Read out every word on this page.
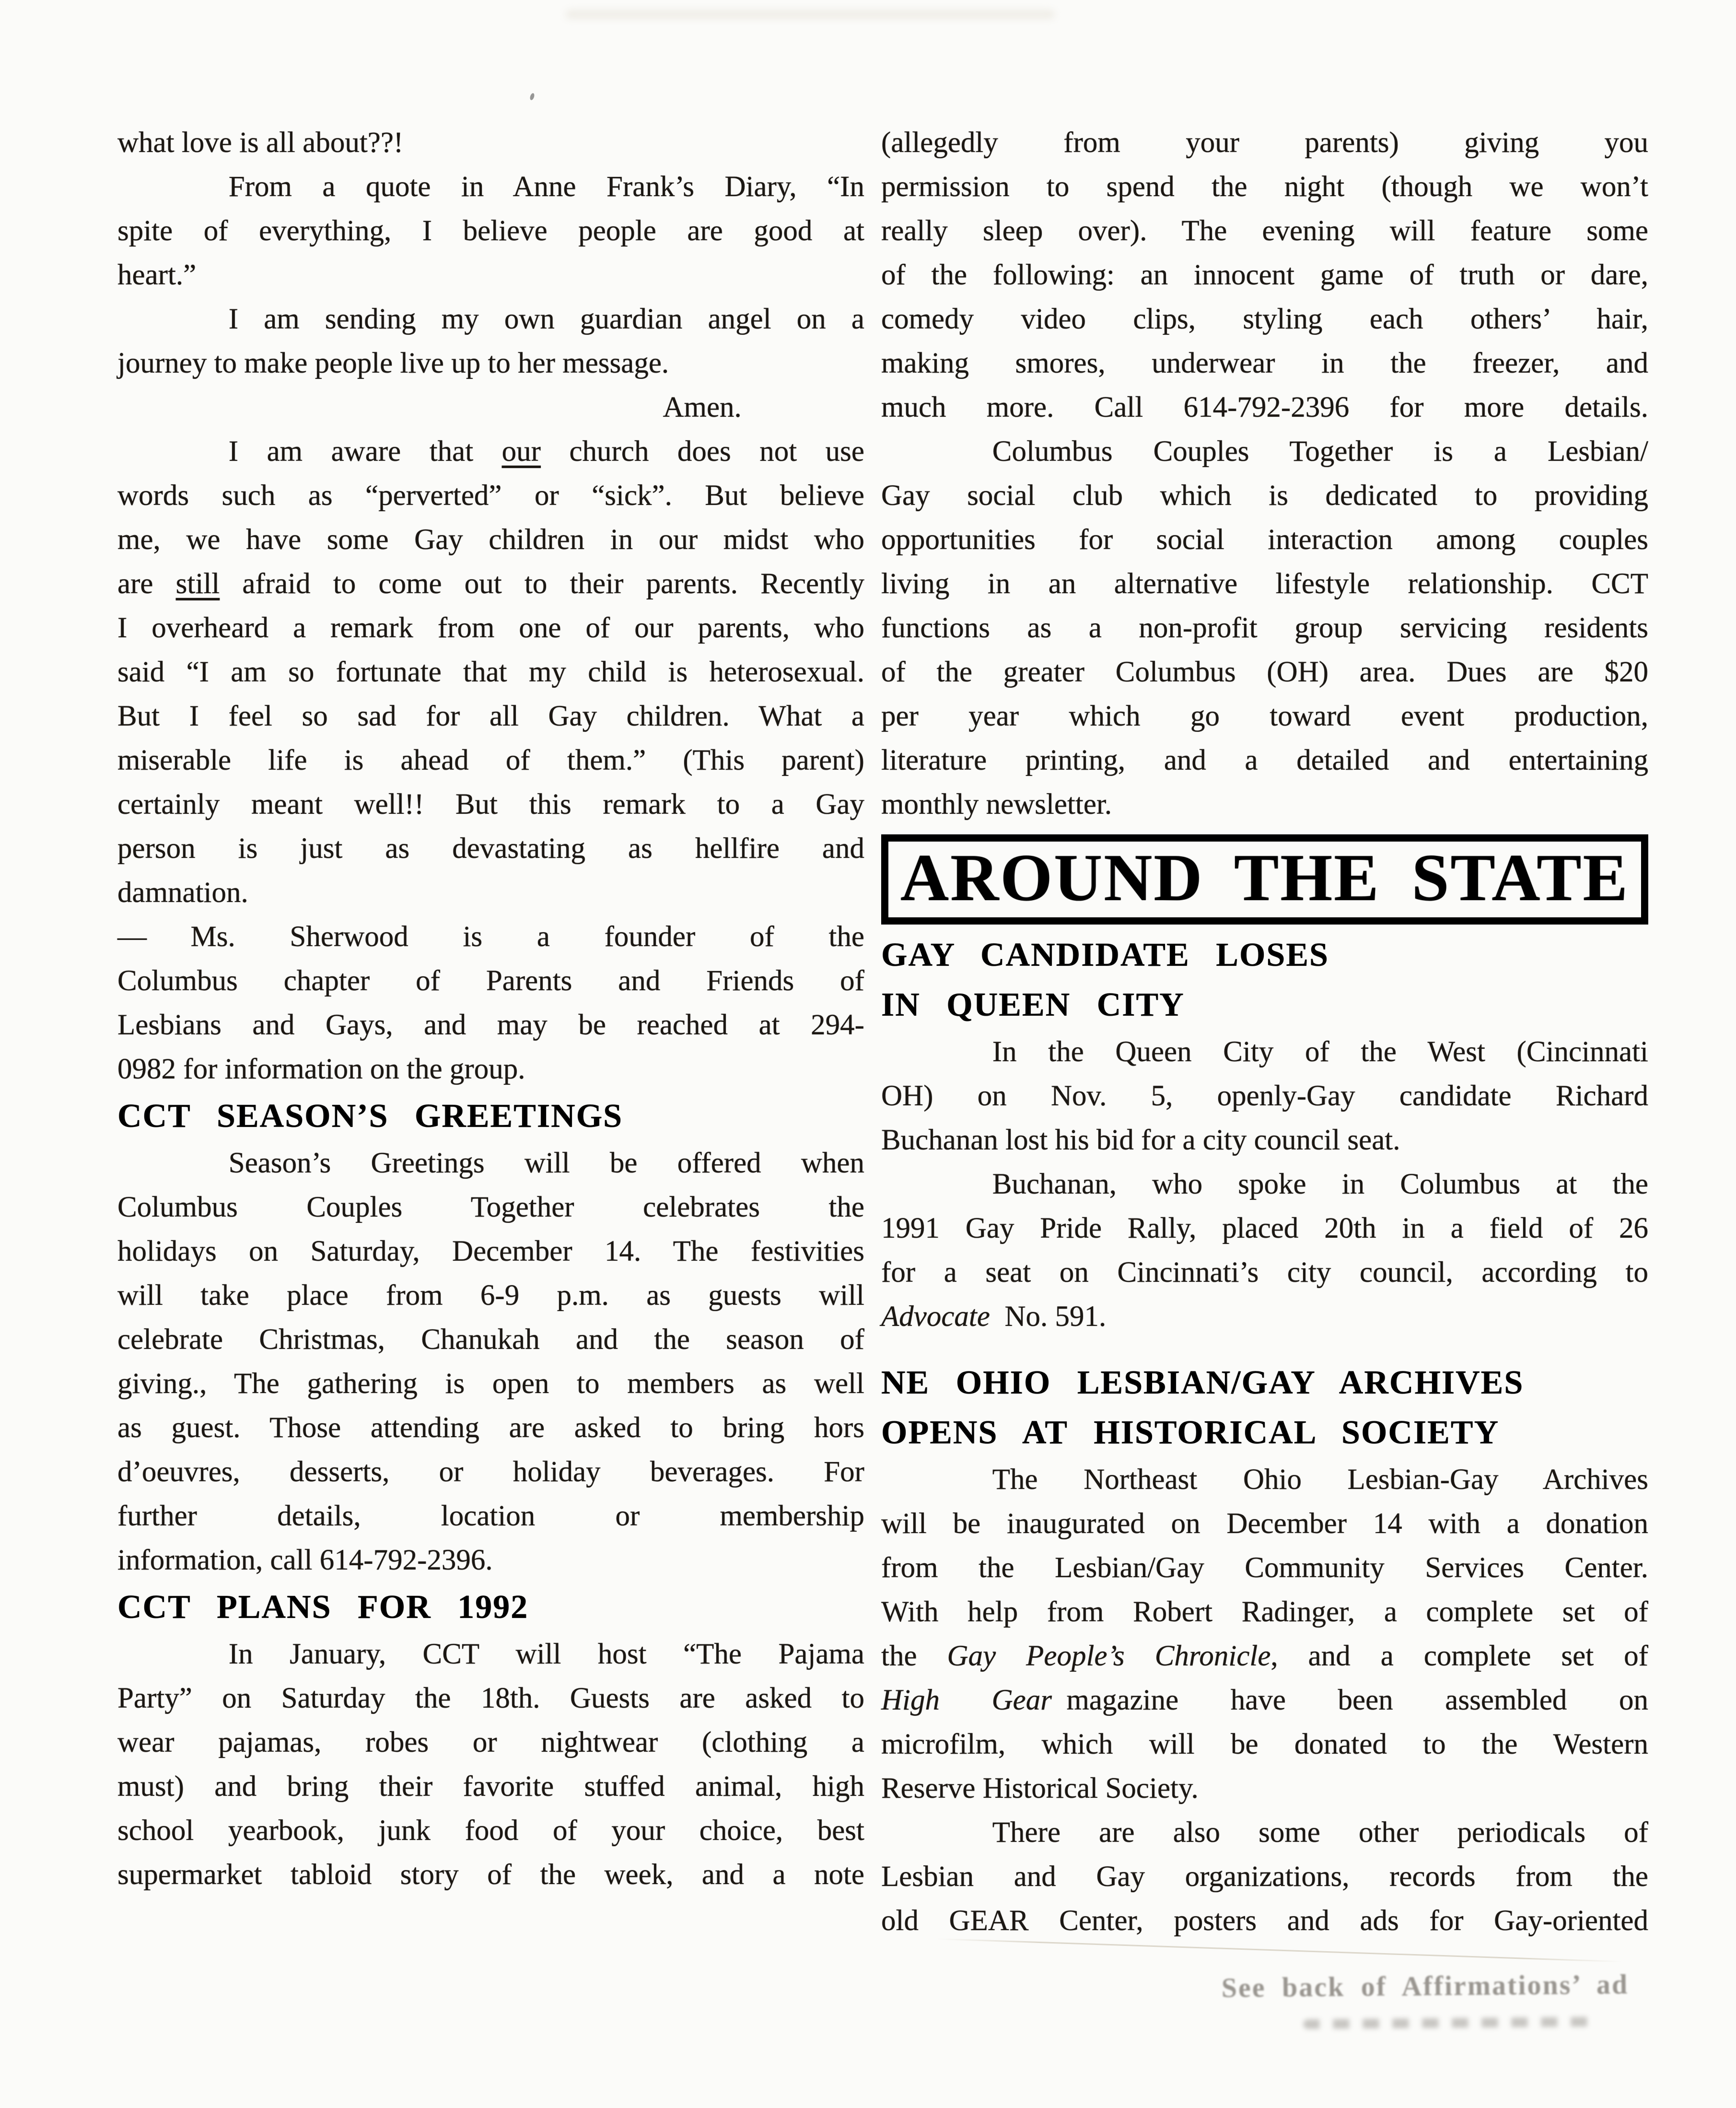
what love is all about??!
From a quote in Anne Frank’s Diary, “In
spite of everything, I believe people are good at
heart.”
I am sending my own guardian angel on a
journey to make people live up to her message.
Amen.
I am aware that our church does not use
words such as “perverted” or “sick”. But believe
me, we have some Gay children in our midst who
are still afraid to come out to their parents. Recently
I overheard a remark from one of our parents, who
said “I am so fortunate that my child is heterosexual.
But I feel so sad for all Gay children. What a
miserable life is ahead of them.” (This parent)
certainly meant well!! But this remark to a Gay
person is just as devastating as hellfire and
damnation.
—  Ms. Sherwood is a founder of the
Columbus chapter of Parents and Friends of
Lesbians and Gays, and may be reached at 294-
0982 for information on the group.
CCT SEASON’S GREETINGS
Season’s Greetings will be offered when
Columbus Couples Together celebrates the
holidays on Saturday, December 14. The festivities
will take place from 6-9 p.m. as guests will
celebrate Christmas, Chanukah and the season of
giving., The gathering is open to members as well
as guest. Those attending are asked to bring hors
d’oeuvres, desserts, or holiday beverages. For
further details, location or membership
information, call 614-792-2396.
CCT PLANS FOR 1992
In January, CCT will host “The Pajama
Party” on Saturday the 18th. Guests are asked to
wear pajamas, robes or nightwear (clothing a
must) and bring their favorite stuffed animal, high
school yearbook, junk food of your choice, best
supermarket tabloid story of the week, and a note
(allegedly from your parents) giving you
permission to spend the night (though we won’t
really sleep over). The evening will feature some
of the following: an innocent game of truth or dare,
comedy video clips, styling each others’ hair,
making smores, underwear in the freezer, and
much more. Call 614-792-2396 for more details.
Columbus Couples Together is a Lesbian/
Gay social club which is dedicated to providing
opportunities for social interaction among couples
living in an alternative lifestyle relationship. CCT
functions as a non-profit group servicing residents
of the greater Columbus (OH) area. Dues are $20
per year which go toward event production,
literature printing, and a detailed and entertaining
monthly newsletter.
AROUND THE STATE
GAY CANDIDATE LOSES
IN QUEEN CITY
In the Queen City of the West (Cincinnati
OH) on Nov. 5, openly-Gay candidate Richard
Buchanan lost his bid for a city council seat.
Buchanan, who spoke in Columbus at the
1991 Gay Pride Rally, placed 20th in a field of 26
for a seat on Cincinnati’s city council, according to
Advocate No. 591.
NE OHIO LESBIAN/GAY ARCHIVES
OPENS AT HISTORICAL SOCIETY
The Northeast Ohio Lesbian-Gay Archives
will be inaugurated on December 14 with a donation
from the Lesbian/Gay Community Services Center.
With help from Robert Radinger, a complete set of
the Gay People’s Chronicle, and a complete set of
High Gear magazine have been assembled on
microfilm, which will be donated to the Western
Reserve Historical Society.
There are also some other periodicals of
Lesbian and Gay organizations, records from the
old GEAR Center, posters and ads for Gay-oriented
See back of Affirmations’ ad
